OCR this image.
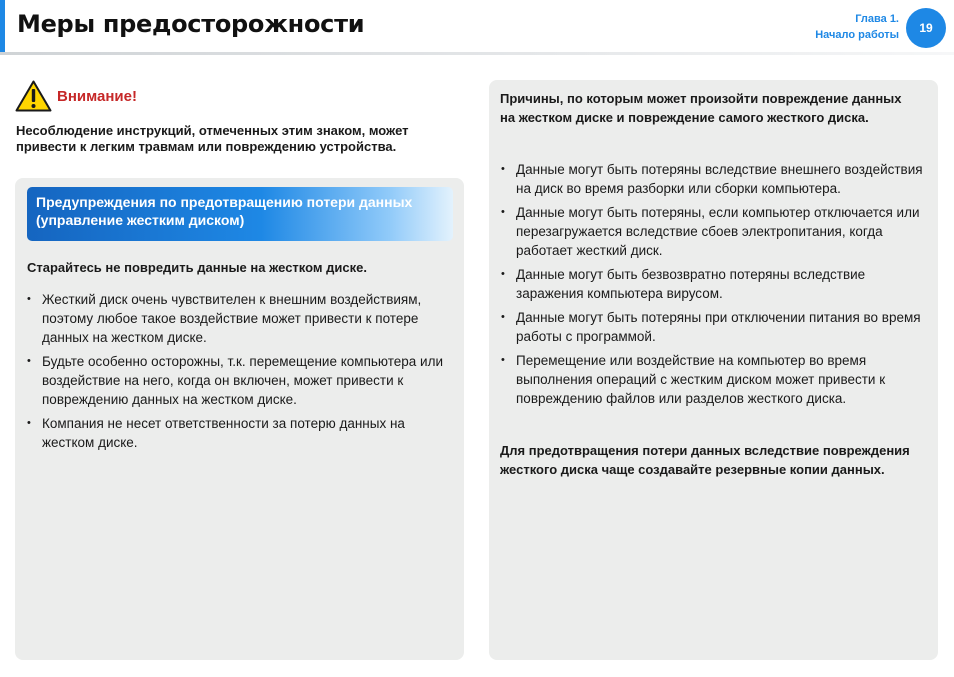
Меры предосторожности	Глава 1.
Начало работы	19
Внимание!
Несоблюдение инструкций, отмеченных этим знаком, может привести к легким травмам или повреждению устройства.
Предупреждения по предотвращению потери данных (управление жестким диском)
Старайтесь не повредить данные на жестком диске.
• Жесткий диск очень чувствителен к внешним воздействиям, поэтому любое такое воздействие может привести к потере данных на жестком диске.
• Будьте особенно осторожны, т.к. перемещение компьютера или воздействие на него, когда он включен, может привести к повреждению данных на жестком диске.
• Компания не несет ответственности за потерю данных на жестком диске.
Причины, по которым может произойти повреждение данных на жестком диске и повреждение самого жесткого диска.
• Данные могут быть потеряны вследствие внешнего воздействия на диск во время разборки или сборки компьютера.
• Данные могут быть потеряны, если компьютер отключается или перезагружается вследствие сбоев электропитания, когда работает жесткий диск.
• Данные могут быть безвозвратно потеряны вследствие заражения компьютера вирусом.
• Данные могут быть потеряны при отключении питания во время работы с программой.
• Перемещение или воздействие на компьютер во время выполнения операций с жестким диском может привести к повреждению файлов или разделов жесткого диска.
Для предотвращения потери данных вследствие повреждения жесткого диска чаще создавайте резервные копии данных.
